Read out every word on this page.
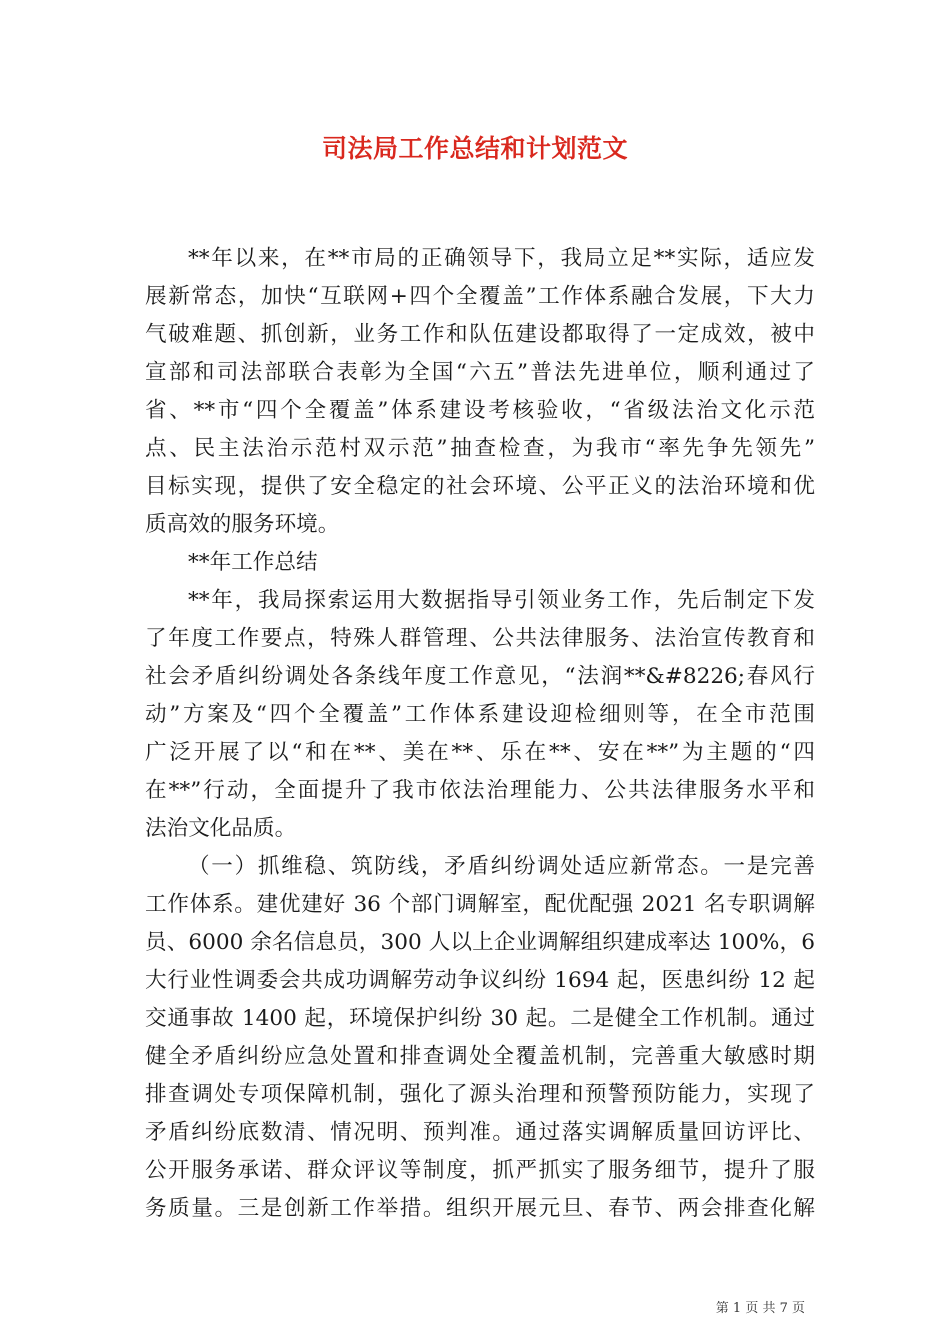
司法局工作总结和计划范文
**年以来，在**市局的正确领导下，我局立足**实际，适应发
展新常态，加快“互联网+四个全覆盖”工作体系融合发展，下大力
气破难题、抓创新，业务工作和队伍建设都取得了一定成效，被中
宣部和司法部联合表彰为全国“六五”普法先进单位，顺利通过了
省、**市“四个全覆盖”体系建设考核验收，“省级法治文化示范
点、民主法治示范村双示范”抽查检查，为我市“率先争先领先”
目标实现，提供了安全稳定的社会环境、公平正义的法治环境和优
质高效的服务环境。
**年工作总结
**年，我局探索运用大数据指导引领业务工作，先后制定下发
了年度工作要点，特殊人群管理、公共法律服务、法治宣传教育和
社会矛盾纠纷调处各条线年度工作意见，“法润**&#8226;春风行
动”方案及“四个全覆盖”工作体系建设迎检细则等，在全市范围
广泛开展了以“和在**、美在**、乐在**、安在**”为主题的“四
在**”行动，全面提升了我市依法治理能力、公共法律服务水平和
法治文化品质。
（一）抓维稳、筑防线，矛盾纠纷调处适应新常态。一是完善
工作体系。建优建好 36 个部门调解室，配优配强 2021 名专职调解
员、6000 余名信息员，300 人以上企业调解组织建成率达 100%，6
大行业性调委会共成功调解劳动争议纠纷 1694 起，医患纠纷 12 起
交通事故 1400 起，环境保护纠纷 30 起。二是健全工作机制。通过
健全矛盾纠纷应急处置和排查调处全覆盖机制，完善重大敏感时期
排查调处专项保障机制，强化了源头治理和预警预防能力，实现了
矛盾纠纷底数清、情况明、预判准。通过落实调解质量回访评比、
公开服务承诺、群众评议等制度，抓严抓实了服务细节，提升了服
务质量。三是创新工作举措。组织开展元旦、春节、两会排查化解
第 1 页 共 7 页
